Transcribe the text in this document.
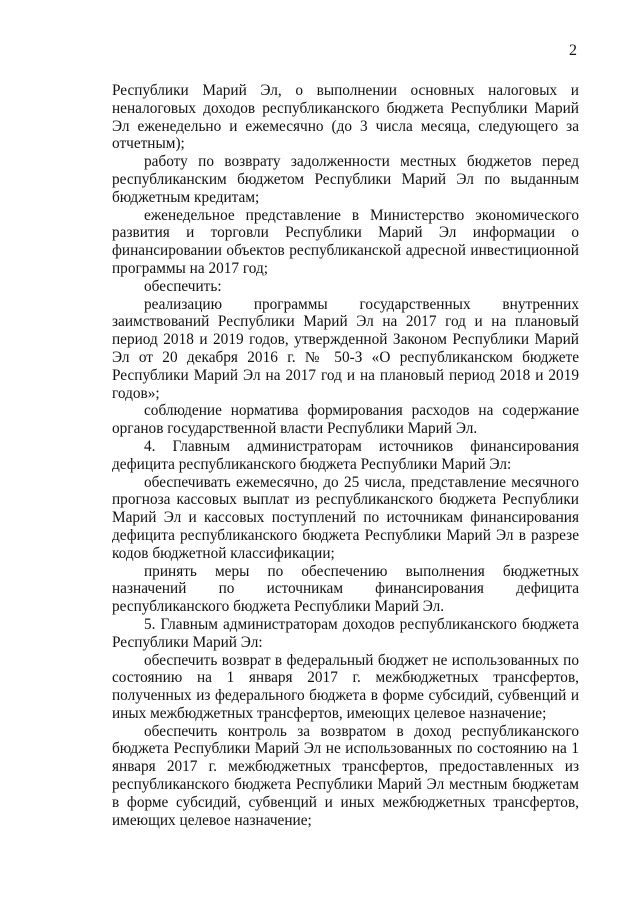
2

Республики Марий Эл, о выполнении основных налоговых и неналоговых доходов республиканского бюджета Республики Марий Эл еженедельно и ежемесячно (до 3 числа месяца, следующего за отчетным);

работу по возврату задолженности местных бюджетов перед республиканским бюджетом Республики Марий Эл по выданным бюджетным кредитам;

еженедельное представление в Министерство экономического развития и торговли Республики Марий Эл информации о финансировании объектов республиканской адресной инвестиционной программы на 2017 год;

обеспечить:

реализацию программы государственных внутренних заимствований Республики Марий Эл на 2017 год и на плановый период 2018 и 2019 годов, утвержденной Законом Республики Марий Эл от 20 декабря 2016 г. № 50-З «О республиканском бюджете Республики Марий Эл на 2017 год и на плановый период 2018 и 2019 годов»;

соблюдение норматива формирования расходов на содержание органов государственной власти Республики Марий Эл.

4. Главным администраторам источников финансирования дефицита республиканского бюджета Республики Марий Эл:

обеспечивать ежемесячно, до 25 числа, представление месячного прогноза кассовых выплат из республиканского бюджета Республики Марий Эл и кассовых поступлений по источникам финансирования дефицита республиканского бюджета Республики Марий Эл в разрезе кодов бюджетной классификации;

принять меры по обеспечению выполнения бюджетных назначений по источникам финансирования дефицита республиканского бюджета Республики Марий Эл.

5. Главным администраторам доходов республиканского бюджета Республики Марий Эл:

обеспечить возврат в федеральный бюджет не использованных по состоянию на 1 января 2017 г. межбюджетных трансфертов, полученных из федерального бюджета в форме субсидий, субвенций и иных межбюджетных трансфертов, имеющих целевое назначение;

обеспечить контроль за возвратом в доход республиканского бюджета Республики Марий Эл не использованных по состоянию на 1 января 2017 г. межбюджетных трансфертов, предоставленных из республиканского бюджета Республики Марий Эл местным бюджетам в форме субсидий, субвенций и иных межбюджетных трансфертов, имеющих целевое назначение;
